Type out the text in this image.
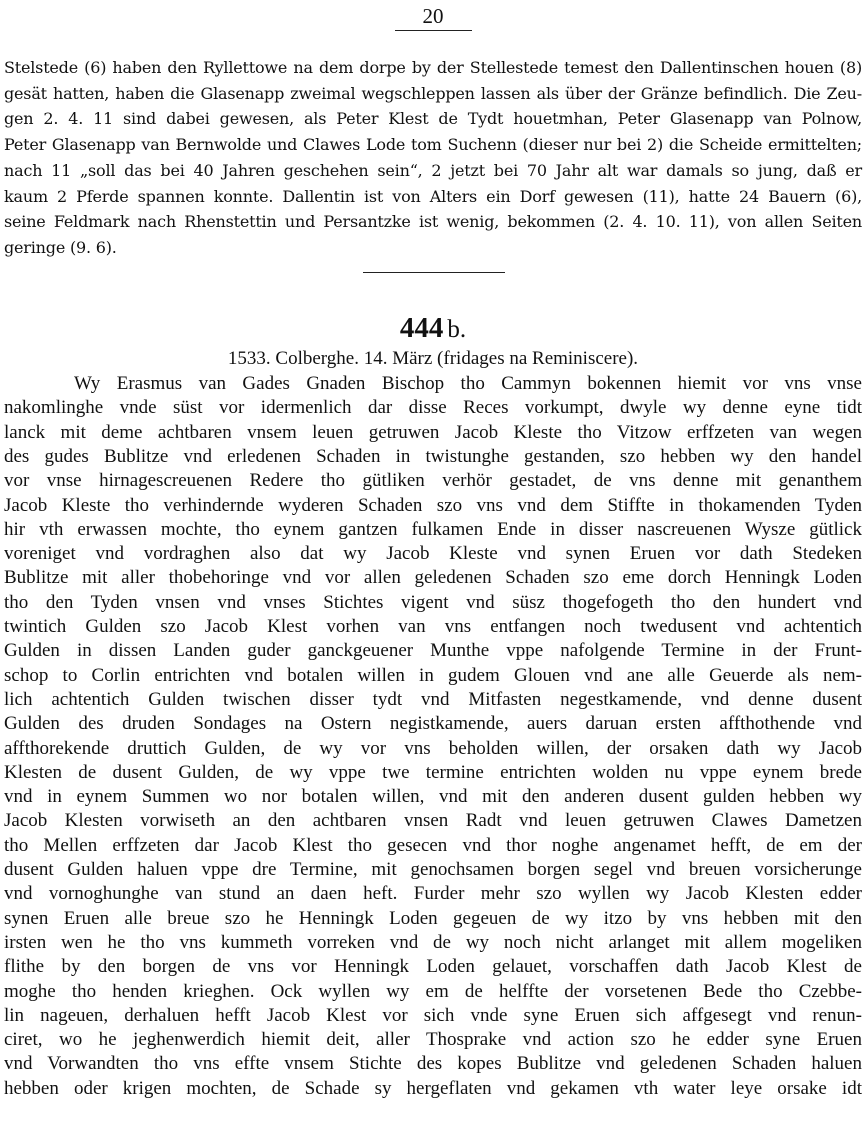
20
Stelstede (6) haben den Ryllettowe na dem dorpe by der Stellestede temest den Dallentinschen houen (8)
gesät hatten, haben die Glasenapp zweimal wegschleppen lassen als über der Gränze befindlich. Die Zeu-
gen 2. 4. 11 sind dabei gewesen, als Peter Klest de Tydt houetmhan, Peter Glasenapp van Polnow,
Peter Glasenapp van Bernwolde und Clawes Lode tom Suchenn (dieser nur bei 2) die Scheide ermittelten;
nach 11 „soll das bei 40 Jahren geschehen sein“, 2 jetzt bei 70 Jahr alt war damals so jung, daß er
kaum 2 Pferde spannen konnte. Dallentin ist von Alters ein Dorf gewesen (11), hatte 24 Bauern (6),
seine Feldmark nach Rhenstettin und Persantzke ist wenig, bekommen (2. 4. 10. 11), von allen Seiten
geringe (9. 6).
444 b.
1533. Colberghe. 14. März (fridages na Reminiscere).
Wy Erasmus van Gades Gnaden Bischop tho Cammyn bokennen hiemit vor vns vnse
nakomlinghe vnde süst vor idermenlich dar disse Reces vorkumpt, dwyle wy denne eyne tidt
lanck mit deme achtbaren vnsem leuen getruwen Jacob Kleste tho Vitzow erffzeten van wegen
des gudes Bublitze vnd erledenen Schaden in twistunghe gestanden, szo hebben wy den handel
vor vnse hirnagescreuenen Redere tho gütliken verhör gestadet, de vns denne mit genanthem
Jacob Kleste tho verhindernde wyderen Schaden szo vns vnd dem Stiffte in thokamenden Tyden
hir vth erwassen mochte, tho eynem gantzen fulkamen Ende in disser nascreuenen Wysze gütlick
voreniget vnd vordraghen also dat wy Jacob Kleste vnd synen Eruen vor dath Stedeken
Bublitze mit aller thobehoringe vnd vor allen geledenen Schaden szo eme dorch Henningk Loden
tho den Tyden vnsen vnd vnses Stichtes vigent vnd süsz thogefogeth tho den hundert vnd
twintich Gulden szo Jacob Klest vorhen van vns entfangen noch twedusent vnd achtentich
Gulden in dissen Landen guder ganckgeuener Munthe vppe nafolgende Termine in der Frunt-
schop to Corlin entrichten vnd botalen willen in gudem Glouen vnd ane alle Geuerde als nem-
lich achtentich Gulden twischen disser tydt vnd Mitfasten negestkamende, vnd denne dusent
Gulden des druden Sondages na Ostern negistkamende, auers daruan ersten affthothende vnd
affthorekende druttich Gulden, de wy vor vns beholden willen, der orsaken dath wy Jacob
Klesten de dusent Gulden, de wy vppe twe termine entrichten wolden nu vppe eynem brede
vnd in eynem Summen wo nor botalen willen, vnd mit den anderen dusent gulden hebben wy
Jacob Klesten vorwiseth an den achtbaren vnsen Radt vnd leuen getruwen Clawes Dametzen
tho Mellen erffzeten dar Jacob Klest tho gesecen vnd thor noghe angenamet hefft, de em der
dusent Gulden haluen vppe dre Termine, mit genochsamen borgen segel vnd breuen vorsicherunge
vnd vornoghunghe van stund an daen heft. Furder mehr szo wyllen wy Jacob Klesten edder
synen Eruen alle breue szo he Henningk Loden gegeuen de wy itzo by vns hebben mit den
irsten wen he tho vns kummeth vorreken vnd de wy noch nicht arlanget mit allem mogeliken
flithe by den borgen de vns vor Henningk Loden gelauet, vorschaffen dath Jacob Klest de
moghe tho henden krieghen. Ock wyllen wy em de helffte der vorsetenen Bede tho Czebbe-
lin nageuen, derhaluen hefft Jacob Klest vor sich vnde syne Eruen sich affgesegt vnd renun-
ciret, wo he jeghenwerdich hiemit deit, aller Thosprake vnd action szo he edder syne Eruen
vnd Vorwandten tho vns effte vnsem Stichte des kopes Bublitze vnd geledenen Schaden haluen
hebben oder krigen mochten, de Schade sy hergeflaten vnd gekamen vth water leye orsake idt
